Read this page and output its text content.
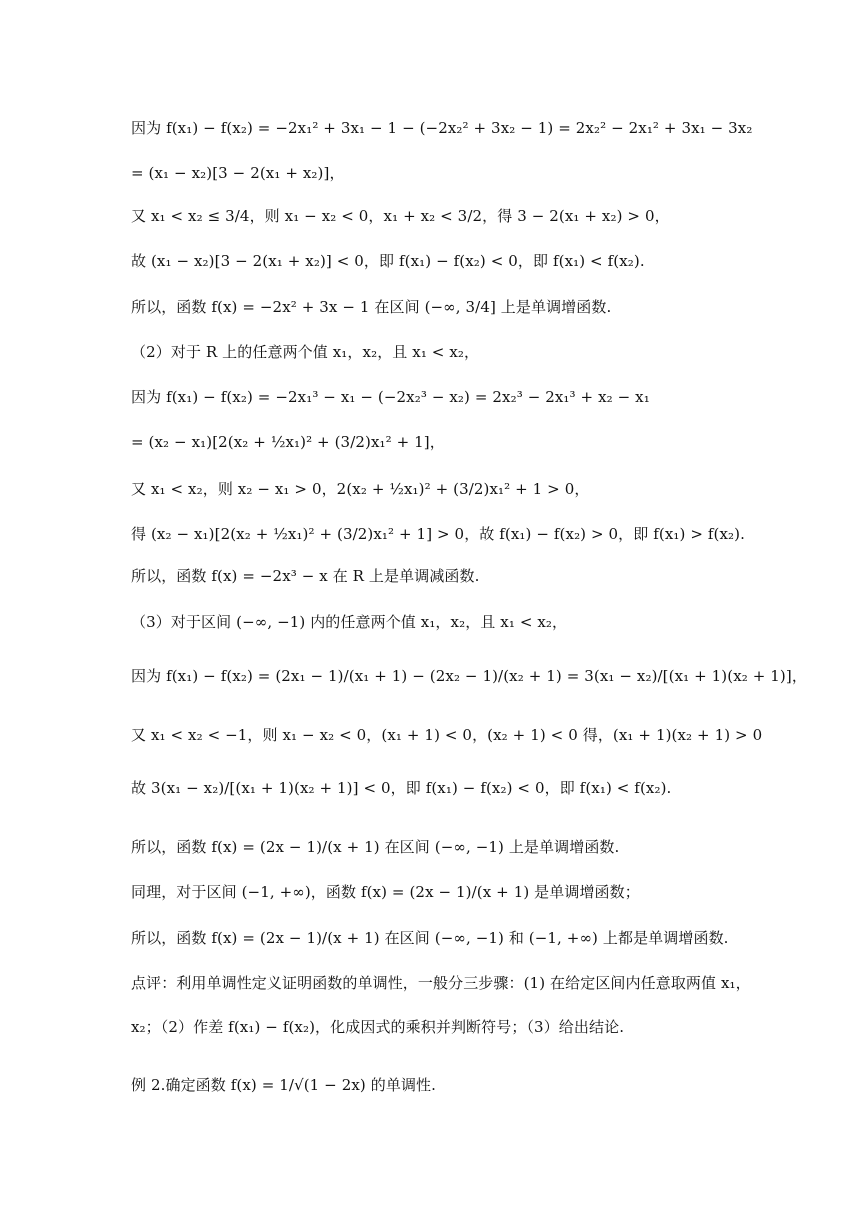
因为 f(x₁) − f(x₂) = −2x₁² + 3x₁ − 1 − (−2x₂² + 3x₂ − 1) = 2x₂² − 2x₁² + 3x₁ − 3x₂
= (x₁ − x₂)[3 − 2(x₁ + x₂)]，
又 x₁ < x₂ ≤ 3/4，则 x₁ − x₂ < 0，x₁ + x₂ < 3/2，得 3 − 2(x₁ + x₂) > 0，
故 (x₁ − x₂)[3 − 2(x₁ + x₂)] < 0，即 f(x₁) − f(x₂) < 0，即 f(x₁) < f(x₂).
所以，函数 f(x) = −2x² + 3x − 1 在区间 (−∞, 3/4] 上是单调增函数.
（2）对于 R 上的任意两个值 x₁，x₂，且 x₁ < x₂，
因为 f(x₁) − f(x₂) = −2x₁³ − x₁ − (−2x₂³ − x₂) = 2x₂³ − 2x₁³ + x₂ − x₁
= (x₂ − x₁)[2(x₂ + ½x₁)² + (3/2)x₁² + 1]，
又 x₁ < x₂，则 x₂ − x₁ > 0，2(x₂ + ½x₁)² + (3/2)x₁² + 1 > 0，
得 (x₂ − x₁)[2(x₂ + ½x₁)² + (3/2)x₁² + 1] > 0，故 f(x₁) − f(x₂) > 0，即 f(x₁) > f(x₂).
所以，函数 f(x) = −2x³ − x 在 R 上是单调减函数.
（3）对于区间 (−∞, −1) 内的任意两个值 x₁，x₂，且 x₁ < x₂，
因为 f(x₁) − f(x₂) = (2x₁ − 1)/(x₁ + 1) − (2x₂ − 1)/(x₂ + 1) = 3(x₁ − x₂)/[(x₁ + 1)(x₂ + 1)]，
又 x₁ < x₂ < −1，则 x₁ − x₂ < 0，(x₁ + 1) < 0，(x₂ + 1) < 0 得，(x₁ + 1)(x₂ + 1) > 0
故 3(x₁ − x₂)/[(x₁ + 1)(x₂ + 1)] < 0，即 f(x₁) − f(x₂) < 0，即 f(x₁) < f(x₂).
所以，函数 f(x) = (2x − 1)/(x + 1) 在区间 (−∞, −1) 上是单调增函数.
同理，对于区间 (−1, +∞)，函数 f(x) = (2x − 1)/(x + 1) 是单调增函数；
所以，函数 f(x) = (2x − 1)/(x + 1) 在区间 (−∞, −1) 和 (−1, +∞) 上都是单调增函数.
点评：利用单调性定义证明函数的单调性，一般分三步骤：(1) 在给定区间内任意取两值 x₁，
x₂；（2）作差 f(x₁) − f(x₂)，化成因式的乘积并判断符号；（3）给出结论.
例 2.确定函数 f(x) = 1/√(1 − 2x) 的单调性.
